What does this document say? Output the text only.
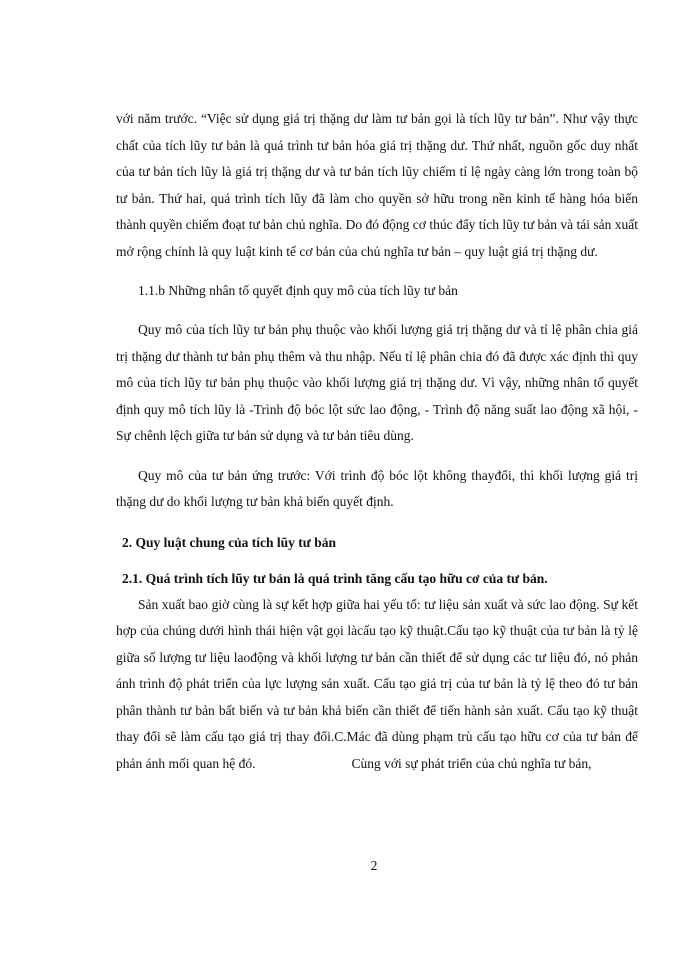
với năm trước. “Việc sử dụng giá trị thặng dư làm tư bản gọi là tích lũy tư bản”. Như vậy thực chất của tích lũy tư bản là quá trình tư bản hóa giá trị thặng dư. Thứ nhất, nguồn gốc duy nhất của tư bản tích lũy là giá trị thặng dư và tư bản tích lũy chiếm tỉ lệ ngày càng lớn trong toàn bộ tư bản. Thứ hai, quá trình tích lũy đã làm cho quyền sở hữu trong nền kinh tế hàng hóa biến thành quyền chiếm đoạt tư bản chủ nghĩa. Do đó động cơ thúc đẩy tích lũy tư bản và tái sản xuất mở rộng chính là quy luật kinh tế cơ bản của chủ nghĩa tư bản – quy luật giá trị thặng dư.

1.1.b Những nhân tố quyết định quy mô của tích lũy tư bản

Quy mô của tích lũy tư bản phụ thuộc vào khối lượng giá trị thặng dư và tỉ lệ phân chia giá trị thặng dư thành tư bản phụ thêm và thu nhập. Nếu tỉ lệ phân chia đó đã được xác định thì quy mô của tích lũy tư bản phụ thuộc vào khối lượng giá trị thặng dư. Vì vậy, những nhân tố quyết định quy mô tích lũy là -Trình độ bóc lột sức lao động, - Trình độ năng suất lao động xã hội, - Sự chênh lệch giữa tư bản sử dụng và tư bản tiêu dùng.

Quy mô của tư bản ứng trước: Với trình độ bóc lột không thayđổi, thì khối lượng giá trị thặng dư do khối lượng tư bản khả biến quyết định.

2. Quy luật chung của tích lũy tư bản

2.1. Quá trình tích lũy tư bản là quá trình tăng cấu tạo hữu cơ của tư bản.

Sản xuất bao giờ cùng là sự kết hợp giữa hai yếu tố: tư liệu sản xuất và sức lao động. Sự kết hợp của chúng dưới hình thái hiện vật gọi làcấu tạo kỹ thuật.Cấu tạo kỹ thuật của tư bản là tỷ lệ giữa số lượng tư liệu laođộng và khối lượng tư bản cần thiết để sử dụng các tư liệu đó, nó phản ánh trình độ phát triển của lực lượng sản xuất. Cấu tạo giá trị của tư bản là tỷ lệ theo đó tư bản phân thành tư bản bất biến và tư bản khả biến cần thiết để tiến hành sản xuất. Cấu tạo kỹ thuật thay đổi sẽ làm cấu tạo giá trị thay đổi.C.Mác đã dùng phạm trù cấu tạo hữu cơ của tư bản để phản ánh mối quan hệ đó.	Cùng với sự phát triển của chủ nghĩa tư bản,

2
